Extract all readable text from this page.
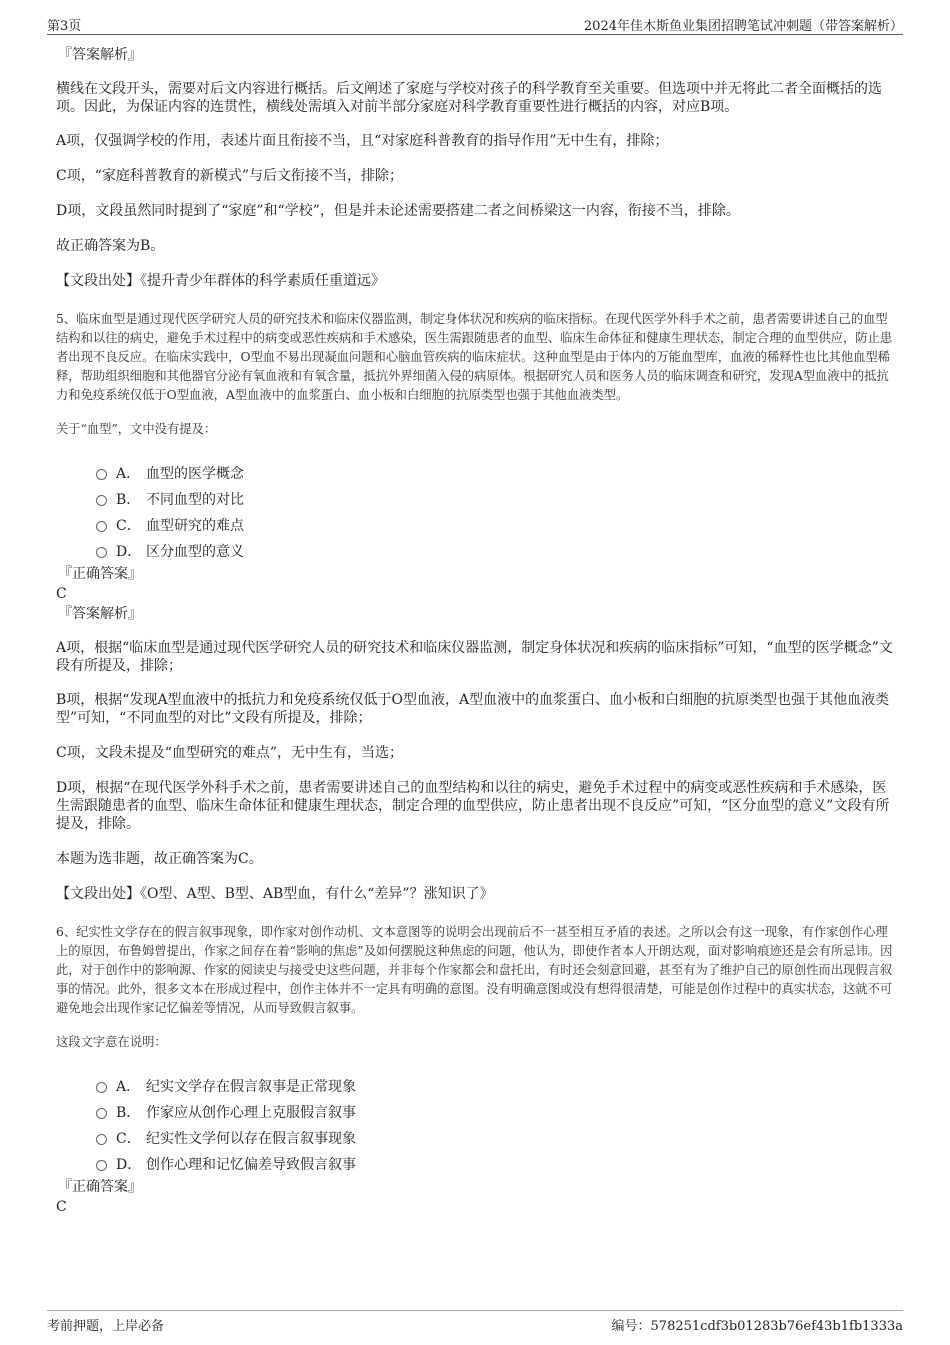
第3页	2024年佳木斯鱼业集团招聘笔试冲刺题（带答案解析）

『答案解析』

横线在文段开头，需要对后文内容进行概括。后文阐述了家庭与学校对孩子的科学教育至关重要。但选项中并无将此二者全面概括的选项。因此，为保证内容的连贯性，横线处需填入对前半部分家庭对科学教育重要性进行概括的内容，对应B项。

A项，仅强调学校的作用，表述片面且衔接不当，且“对家庭科普教育的指导作用”无中生有，排除；

C项，“家庭科普教育的新模式”与后文衔接不当，排除；

D项，文段虽然同时提到了“家庭”和“学校”，但是并未论述需要搭建二者之间桥梁这一内容，衔接不当，排除。

故正确答案为B。

【文段出处】《提升青少年群体的科学素质任重道远》

5、临床血型是通过现代医学研究人员的研究技术和临床仪器监测，制定身体状况和疾病的临床指标。在现代医学外科手术之前，患者需要讲述自己的血型结构和以往的病史，避免手术过程中的病变或恶性疾病和手术感染，医生需跟随患者的血型、临床生命体征和健康生理状态，制定合理的血型供应，防止患者出现不良反应。在临床实践中，O型血不易出现凝血问题和心脑血管疾病的临床症状。这种血型是由于体内的万能血型库，血液的稀释性也比其他血型稀释，帮助组织细胞和其他器官分泌有氧血液和有氧含量，抵抗外界细菌入侵的病原体。根据研究人员和医务人员的临床调查和研究，发现A型血液中的抵抗力和免疫系统仅低于O型血液，A型血液中的血浆蛋白、血小板和白细胞的抗原类型也强于其他血液类型。

关于“血型”，文中没有提及：

A． 血型的医学概念
B． 不同血型的对比
C． 血型研究的难点
D． 区分血型的意义

『正确答案』

C

『答案解析』

A项，根据“临床血型是通过现代医学研究人员的研究技术和临床仪器监测，制定身体状况和疾病的临床指标”可知，“血型的医学概念”文段有所提及，排除；

B项，根据“发现A型血液中的抵抗力和免疫系统仅低于O型血液，A型血液中的血浆蛋白、血小板和白细胞的抗原类型也强于其他血液类型”可知，“不同血型的对比”文段有所提及，排除；

C项，文段未提及“血型研究的难点”，无中生有，当选；

D项，根据“在现代医学外科手术之前，患者需要讲述自己的血型结构和以往的病史，避免手术过程中的病变或恶性疾病和手术感染，医生需跟随患者的血型、临床生命体征和健康生理状态，制定合理的血型供应，防止患者出现不良反应”可知，“区分血型的意义”文段有所提及，排除。

本题为选非题，故正确答案为C。

【文段出处】《O型、A型、B型、AB型血，有什么“差异”？涨知识了》

6、纪实性文学存在的假言叙事现象，即作家对创作动机、文本意图等的说明会出现前后不一甚至相互矛盾的表述。之所以会有这一现象，有作家创作心理上的原因，布鲁姆曾提出，作家之间存在着“影响的焦虑”及如何摆脱这种焦虑的问题，他认为，即使作者本人开朗达观，面对影响痕迹还是会有所忌讳。因此，对于创作中的影响源、作家的阅读史与接受史这些问题，并非每个作家都会和盘托出，有时还会刻意回避，甚至有为了维护自己的原创性而出现假言叙事的情况。此外，很多文本在形成过程中，创作主体并不一定具有明确的意图。没有明确意图或没有想得很清楚，可能是创作过程中的真实状态，这就不可避免地会出现作家记忆偏差等情况，从而导致假言叙事。

这段文字意在说明：

A． 纪实文学存在假言叙事是正常现象
B． 作家应从创作心理上克服假言叙事
C． 纪实性文学何以存在假言叙事现象
D． 创作心理和记忆偏差导致假言叙事

『正确答案』

C

考前押题，上岸必备	编号：578251cdf3b01283b76ef43b1fb1333a
